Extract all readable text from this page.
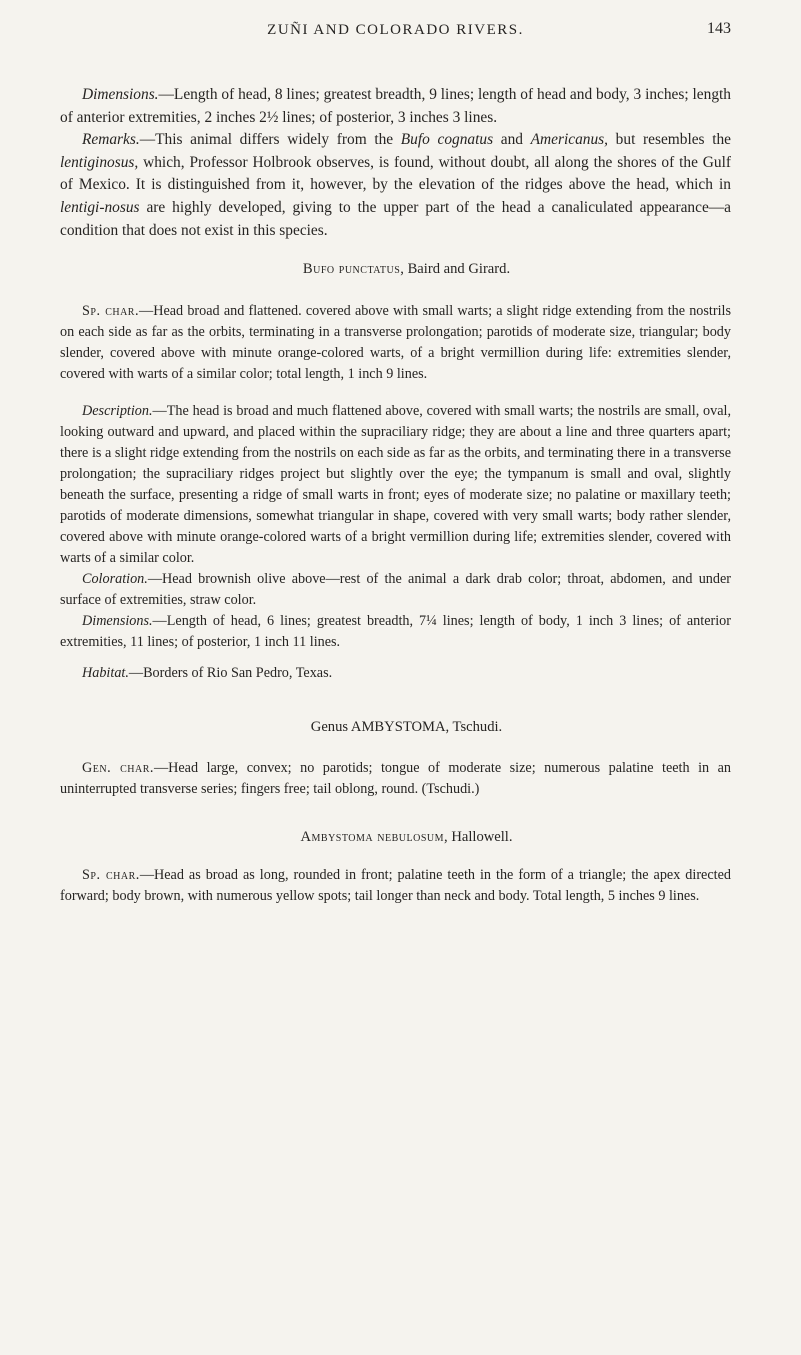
ZUÑI AND COLORADO RIVERS.	143

Dimensions.—Length of head, 8 lines; greatest breadth, 9 lines; length of head and body, 3 inches; length of anterior extremities, 2 inches 2½ lines; of posterior, 3 inches 3 lines.

Remarks.—This animal differs widely from the Bufo cognatus and Americanus, but resembles the lentiginosus, which, Professor Holbrook observes, is found, without doubt, all along the shores of the Gulf of Mexico. It is distinguished from it, however, by the elevation of the ridges above the head, which in lentigi-nosus are highly developed, giving to the upper part of the head a canaliculated appearance—a condition that does not exist in this species.

Bufo punctatus, Baird and Girard.

Sp. char.—Head broad and flattened. covered above with small warts; a slight ridge extending from the nostrils on each side as far as the orbits, terminating in a transverse prolongation; parotids of moderate size, triangular; body slender, covered above with minute orange-colored warts, of a bright vermillion during life: extremities slender, covered with warts of a similar color; total length, 1 inch 9 lines.

Description.—The head is broad and much flattened above, covered with small warts; the nostrils are small, oval, looking outward and upward, and placed within the supraciliary ridge; they are about a line and three quarters apart; there is a slight ridge extending from the nostrils on each side as far as the orbits, and terminating there in a transverse prolongation; the supraciliary ridges project but slightly over the eye; the tympanum is small and oval, slightly beneath the surface, presenting a ridge of small warts in front; eyes of moderate size; no palatine or maxillary teeth; parotids of moderate dimensions, somewhat triangular in shape, covered with very small warts; body rather slender, covered above with minute orange-colored warts of a bright vermillion during life; extremities slender, covered with warts of a similar color.

Coloration.—Head brownish olive above—rest of the animal a dark drab color; throat, abdomen, and under surface of extremities, straw color.

Dimensions.—Length of head, 6 lines; greatest breadth, 7¼ lines; length of body, 1 inch 3 lines; of anterior extremities, 11 lines; of posterior, 1 inch 11 lines.

Habitat.—Borders of Rio San Pedro, Texas.

Genus AMBYSTOMA, Tschudi.

Gen. char.—Head large, convex; no parotids; tongue of moderate size; numerous palatine teeth in an uninterrupted transverse series; fingers free; tail oblong, round. (Tschudi.)

Ambystoma nebulosum, Hallowell.

Sp. char.—Head as broad as long, rounded in front; palatine teeth in the form of a triangle; the apex directed forward; body brown, with numerous yellow spots; tail longer than neck and body. Total length, 5 inches 9 lines.
